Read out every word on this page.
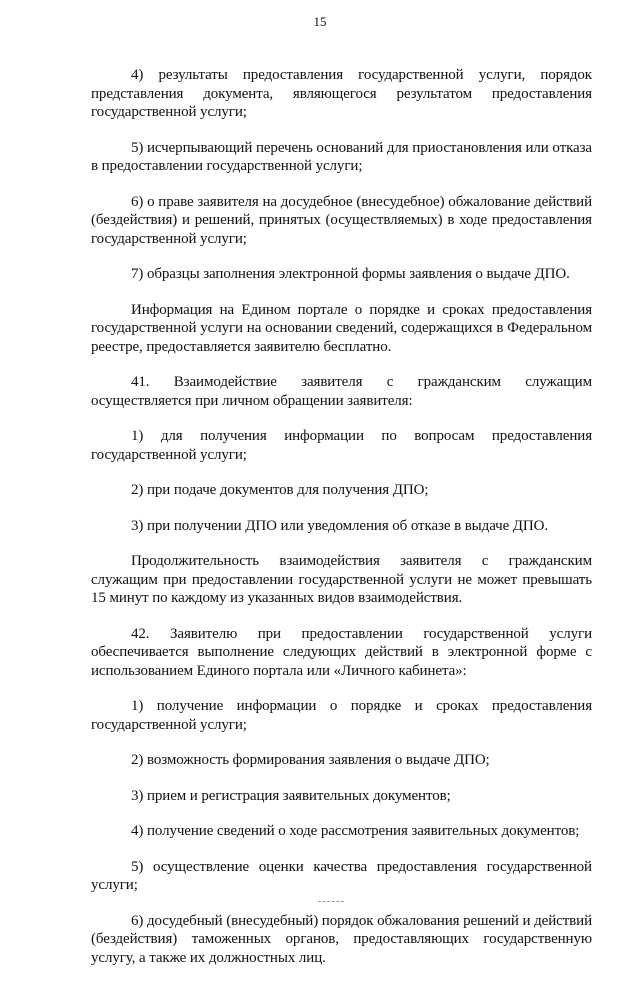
15

4) результаты предоставления государственной услуги, порядок представления документа, являющегося результатом предоставления государственной услуги;

5) исчерпывающий перечень оснований для приостановления или отказа в предоставлении государственной услуги;

6) о праве заявителя на досудебное (внесудебное) обжалование действий (бездействия) и решений, принятых (осуществляемых) в ходе предоставления государственной услуги;

7) образцы заполнения электронной формы заявления о выдаче ДПО.

Информация на Едином портале о порядке и сроках предоставления государственной услуги на основании сведений, содержащихся в Федеральном реестре, предоставляется заявителю бесплатно.

41. Взаимодействие заявителя с гражданским служащим осуществляется при личном обращении заявителя:

1) для получения информации по вопросам предоставления государственной услуги;

2) при подаче документов для получения ДПО;

3) при получении ДПО или уведомления об отказе в выдаче ДПО.

Продолжительность взаимодействия заявителя с гражданским служащим при предоставлении государственной услуги не может превышать 15 минут по каждому из указанных видов взаимодействия.

42. Заявителю при предоставлении государственной услуги обеспечивается выполнение следующих действий в электронной форме с использованием Единого портала или «Личного кабинета»:

1) получение информации о порядке и сроках предоставления государственной услуги;

2) возможность формирования заявления о выдаче ДПО;

3) прием и регистрация заявительных документов;

4) получение сведений о ходе рассмотрения заявительных документов;

5) осуществление оценки качества предоставления государственной услуги;

6) досудебный (внесудебный) порядок обжалования решений и действий (бездействия) таможенных органов, предоставляющих государственную услугу, а также их должностных лиц.
